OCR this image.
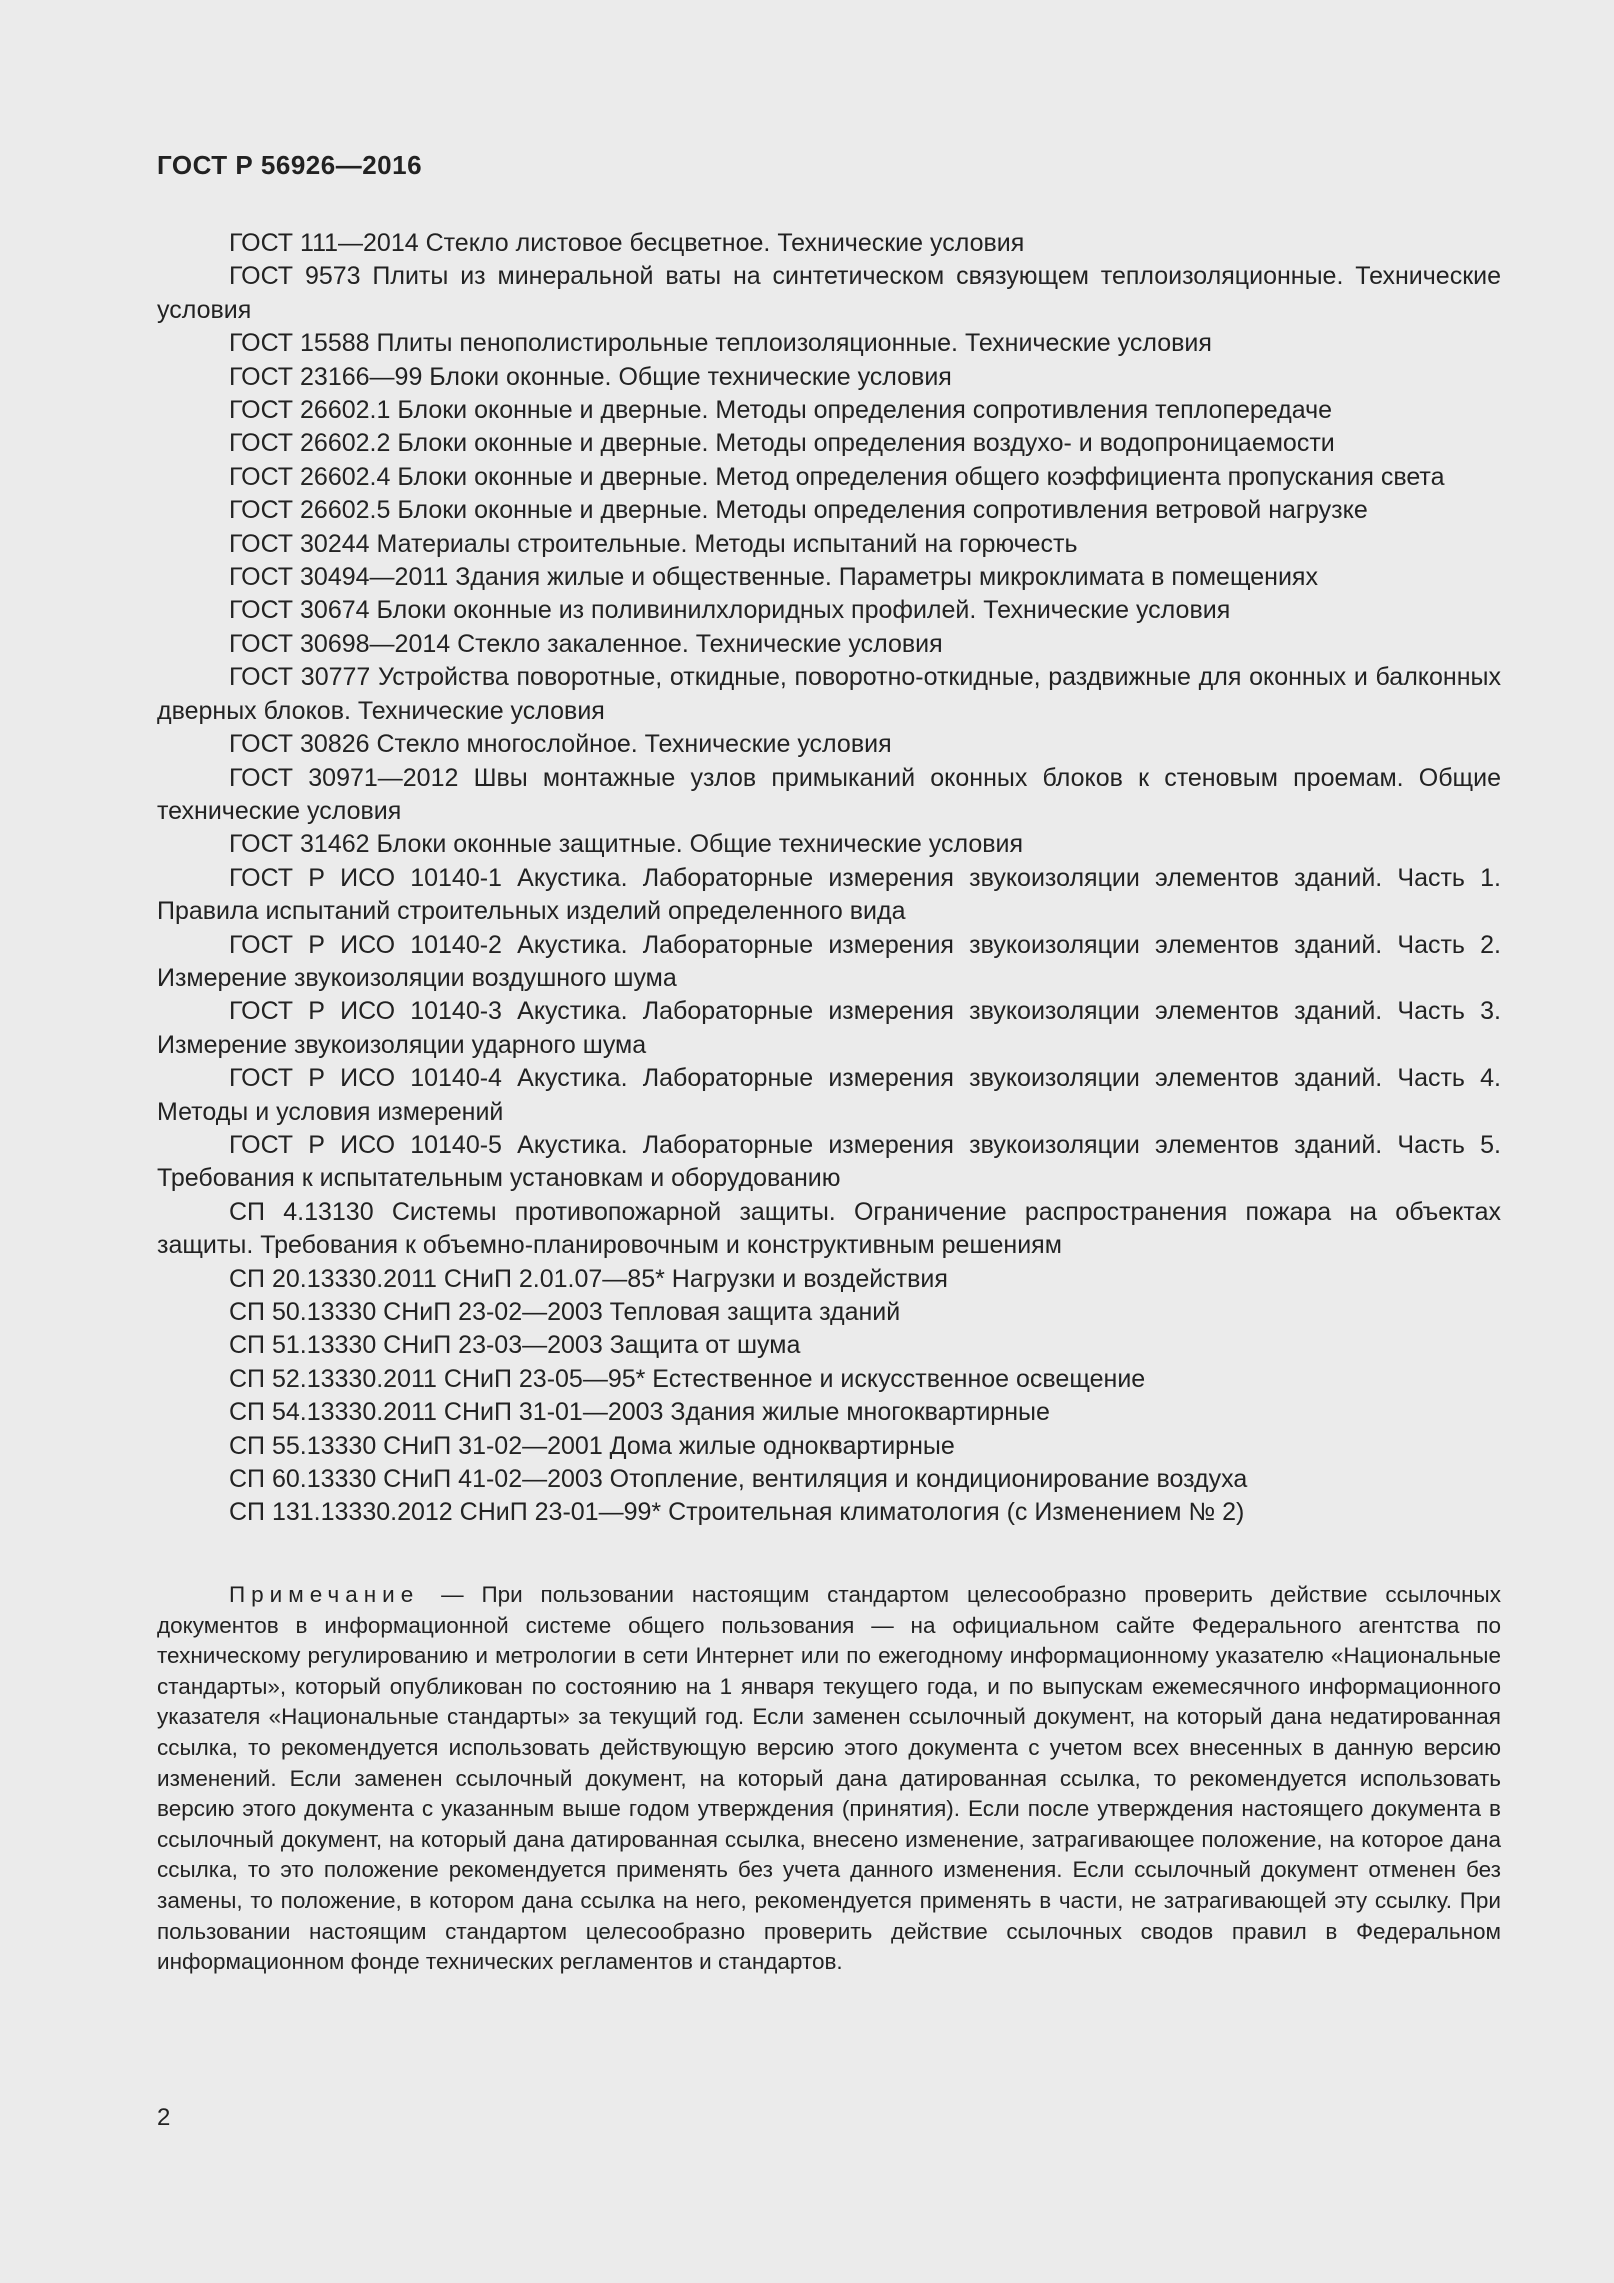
ГОСТ Р 56926—2016

ГОСТ 111—2014 Стекло листовое бесцветное. Технические условия

ГОСТ 9573 Плиты из минеральной ваты на синтетическом связующем теплоизоляционные. Технические условия

ГОСТ 15588 Плиты пенополистирольные теплоизоляционные. Технические условия

ГОСТ 23166—99 Блоки оконные. Общие технические условия

ГОСТ 26602.1 Блоки оконные и дверные. Методы определения сопротивления теплопередаче

ГОСТ 26602.2 Блоки оконные и дверные. Методы определения воздухо- и водопроницаемости

ГОСТ 26602.4 Блоки оконные и дверные. Метод определения общего коэффициента пропускания света

ГОСТ 26602.5 Блоки оконные и дверные. Методы определения сопротивления ветровой нагрузке

ГОСТ 30244 Материалы строительные. Методы испытаний на горючесть

ГОСТ 30494—2011 Здания жилые и общественные. Параметры микроклимата в помещениях

ГОСТ 30674 Блоки оконные из поливинилхлоридных профилей. Технические условия

ГОСТ 30698—2014 Стекло закаленное. Технические условия

ГОСТ 30777 Устройства поворотные, откидные, поворотно-откидные, раздвижные для оконных и балконных дверных блоков. Технические условия

ГОСТ 30826 Стекло многослойное. Технические условия

ГОСТ 30971—2012 Швы монтажные узлов примыканий оконных блоков к стеновым проемам. Общие технические условия

ГОСТ 31462 Блоки оконные защитные. Общие технические условия

ГОСТ Р ИСО 10140-1 Акустика. Лабораторные измерения звукоизоляции элементов зданий. Часть 1. Правила испытаний строительных изделий определенного вида

ГОСТ Р ИСО 10140-2 Акустика. Лабораторные измерения звукоизоляции элементов зданий. Часть 2. Измерение звукоизоляции воздушного шума

ГОСТ Р ИСО 10140-3 Акустика. Лабораторные измерения звукоизоляции элементов зданий. Часть 3. Измерение звукоизоляции ударного шума

ГОСТ Р ИСО 10140-4 Акустика. Лабораторные измерения звукоизоляции элементов зданий. Часть 4. Методы и условия измерений

ГОСТ Р ИСО 10140-5 Акустика. Лабораторные измерения звукоизоляции элементов зданий. Часть 5. Требования к испытательным установкам и оборудованию

СП 4.13130 Системы противопожарной защиты. Ограничение распространения пожара на объектах защиты. Требования к объемно-планировочным и конструктивным решениям

СП 20.13330.2011 СНиП 2.01.07—85* Нагрузки и воздействия

СП 50.13330 СНиП 23-02—2003 Тепловая защита зданий

СП 51.13330 СНиП 23-03—2003 Защита от шума

СП 52.13330.2011 СНиП 23-05—95* Естественное и искусственное освещение

СП 54.13330.2011 СНиП 31-01—2003 Здания жилые многоквартирные

СП 55.13330 СНиП 31-02—2001 Дома жилые одноквартирные

СП 60.13330 СНиП 41-02—2003 Отопление, вентиляция и кондиционирование воздуха

СП 131.13330.2012 СНиП 23-01—99* Строительная климатология (с Изменением № 2)

Примечание — При пользовании настоящим стандартом целесообразно проверить действие ссылочных документов в информационной системе общего пользования — на официальном сайте Федерального агентства по техническому регулированию и метрологии в сети Интернет или по ежегодному информационному указателю «Национальные стандарты», который опубликован по состоянию на 1 января текущего года, и по выпускам ежемесячного информационного указателя «Национальные стандарты» за текущий год. Если заменен ссылочный документ, на который дана недатированная ссылка, то рекомендуется использовать действующую версию этого документа с учетом всех внесенных в данную версию изменений. Если заменен ссылочный документ, на который дана датированная ссылка, то рекомендуется использовать версию этого документа с указанным выше годом утверждения (принятия). Если после утверждения настоящего документа в ссылочный документ, на который дана датированная ссылка, внесено изменение, затрагивающее положение, на которое дана ссылка, то это положение рекомендуется применять без учета данного изменения. Если ссылочный документ отменен без замены, то положение, в котором дана ссылка на него, рекомендуется применять в части, не затрагивающей эту ссылку. При пользовании настоящим стандартом целесообразно проверить действие ссылочных сводов правил в Федеральном информационном фонде технических регламентов и стандартов.

2
